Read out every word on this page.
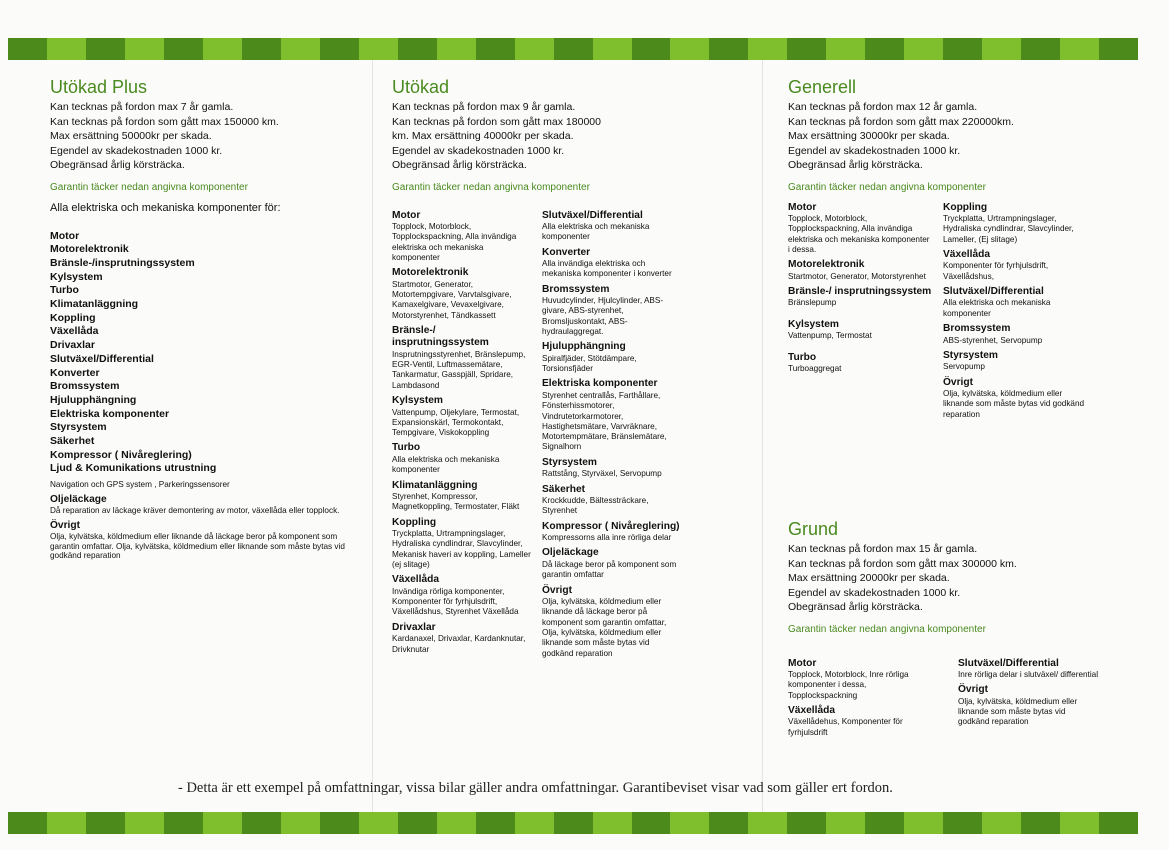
Utökad Plus

Kan tecknas på fordon max 7 år gamla.

Kan tecknas på fordon som gått max 150000 km.

Max ersättning 50000kr per skada.

Egendel av skadekostnaden 1000 kr.

Obegränsad årlig körsträcka.

Garantin täcker nedan angivna komponenter
Alla elektriska och mekaniska komponenter för:
Motor
Motorelektronik
Bränsle-/insprutningssystem
Kylsystem
Turbo
Klimatanläggning
Koppling
Växellåda
Drivaxlar
Slutväxel/Differential
Konverter
Bromssystem
Hjulupphängning
Elektriska komponenter
Styrsystem
Säkerhet
Kompressor ( Nivåreglering)
Ljud & Komunikations utrustning
Navigation och GPS system , Parkeringssensorer
Oljeläckage
Då reparation av läckage kräver demontering av motor, växellåda eller topplock.
Övrigt
Olja, kylvätska, köldmedium eller liknande då läckage beror på komponent som garantin omfattar. Olja, kylvätska, köldmedium eller liknande som måste bytas vid godkänd reparation
Utökad

Kan tecknas på fordon max 9 år gamla.

Kan tecknas på fordon som gått max 180000

km. Max ersättning 40000kr per skada.

Egendel av skadekostnaden 1000 kr.

Obegränsad årlig körsträcka.

Garantin täcker nedan angivna komponenter
Motor
Topplock, Motorblock, Topplockspackning, Alla invändiga elektriska och mekaniska komponenter
Motorelektronik
Startmotor, Generator, Motortempgivare, Varvtalsgivare, Kamaxelgivare, Vevaxelgivare, Motorstyrenhet, Tändkassett
Bränsle-/ insprutningssystem
Insprutningsstyrenhet, Bränslepump, EGR-Ventil, Luftmassemätare, Tankarmatur, Gasspjäll, Spridare, Lambdasond
Kylsystem
Vattenpump, Oljekylare, Termostat, Expansionskärl, Termokontakt, Tempgivare, Viskokoppling
Turbo
Alla elektriska och mekaniska komponenter
Klimatanläggning
Styrenhet, Kompressor, Magnetkoppling, Termostater, Fläkt
Koppling
Tryckplatta, Urtrampningslager, Hydraliska cyndlindrar, Slavcylinder, Mekanisk haveri av koppling, Lameller (ej slitage)
Växellåda
Invändiga rörliga komponenter, Komponenter för fyrhjulsdrift, Växellådshus, Styrenhet Växellåda
Drivaxlar
Kardanaxel, Drivaxlar, Kardanknutar, Drivknutar
Slutväxel/Differential
Alla elektriska och mekaniska komponenter
Konverter
Alla invändiga elektriska och mekaniska komponenter i konverter
Bromssystem
Huvudcylinder, Hjulcylinder, ABS-givare, ABS-styrenhet, Bromsljuskontakt, ABS-hydraulaggregat.
Hjulupphängning
Spiralfjäder, Stötdämpare, Torsionsfjäder
Elektriska komponenter
Styrenhet centrallås, Farthållare, Fönsterhissmotorer, Vindrutetorkarmotorer, Hastighetsmätare, Varvräknare, Motortempmätare, Bränslemätare, Signalhorn
Styrsystem
Rattstång, Styrväxel, Servopump
Säkerhet
Krockkudde, Bältessträckare, Styrenhet
Kompressor ( Nivåreglering)
Kompressorns alla inre rörliga delar
Oljeläckage
Då läckage beror på komponent som garantin omfattar
Övrigt
Olja, kylvätska, köldmedium eller liknande då läckage beror på komponent som garantin omfattar, Olja, kylvätska, köldmedium eller liknande som måste bytas vid godkänd reparation
Generell

Kan tecknas på fordon max 12 år gamla.

Kan tecknas på fordon som gått max 220000km.

Max ersättning 30000kr per skada.

Egendel av skadekostnaden 1000 kr.

Obegränsad årlig körsträcka.

Garantin täcker nedan angivna komponenter
Motor
Topplock, Motorblock, Topplockspackning, Alla invändiga elektriska och mekaniska komponenter i dessa.
Motorelektronik
Startmotor, Generator, Motorstyrenhet
Bränsle-/ insprutningssystem
Bränslepump
Kylsystem
Vattenpump, Termostat
Turbo
Turboaggregat
Koppling
Tryckplatta, Urtrampningslager, Hydraliska cyndlindrar, Slavcylinder, Lameller, (Ej slitage)
Växellåda
Komponenter för fyrhjulsdrift, Växellådshus,
Slutväxel/Differential
Alla elektriska och mekaniska komponenter
Bromssystem
ABS-styrenhet, Servopump
Styrsystem
Servopump
Övrigt
Olja, kylvätska, köldmedium eller liknande som måste bytas vid godkänd reparation
Grund

Kan tecknas på fordon max 15 år gamla.

Kan tecknas på fordon som gått max 300000 km.

Max ersättning 20000kr per skada.

Egendel av skadekostnaden 1000 kr.

Obegränsad årlig körsträcka.

Garantin täcker nedan angivna komponenter
Motor
Topplock, Motorblock, Inre rörliga komponenter i dessa, Topplockspackning
Växellåda
Växellådehus, Komponenter för fyrhjulsdrift
Slutväxel/Differential
Inre rörliga delar i slutväxel/ differential
Övrigt
Olja, kylvätska, köldmedium eller liknande som måste bytas vid godkänd reparation
- Detta är ett exempel på omfattningar, vissa bilar gäller andra omfattningar. Garantibeviset visar vad som gäller ert fordon.
